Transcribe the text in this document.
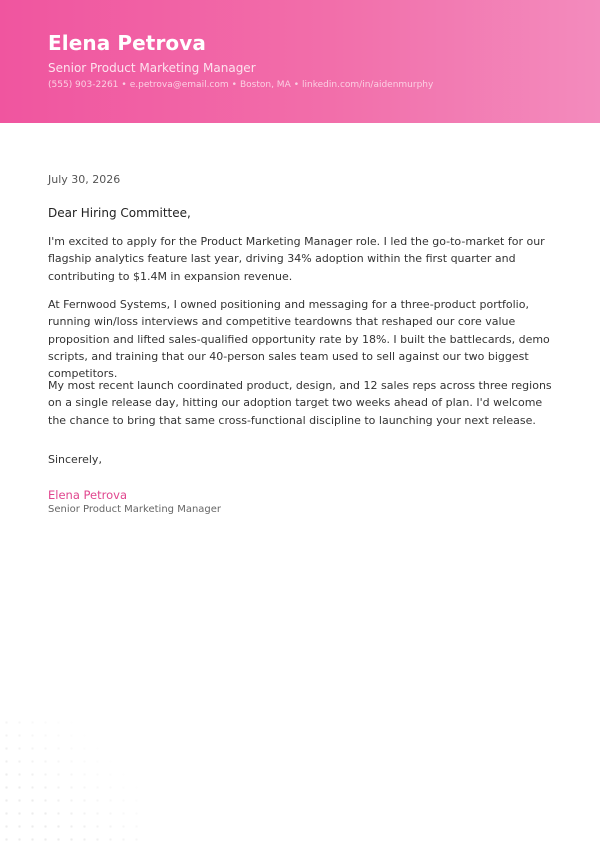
Elena Petrova
Senior Product Marketing Manager
(555) 903-2261 • e.petrova@email.com • Boston, MA • linkedin.com/in/aidenmurphy
July 30, 2026
Dear Hiring Committee,

I'm excited to apply for the Product Marketing Manager role. I led the go-to-market for our flagship analytics feature last year, driving 34% adoption within the first quarter and contributing to $1.4M in expansion revenue.

At Fernwood Systems, I owned positioning and messaging for a three-product portfolio, running win/loss interviews and competitive teardowns that reshaped our core value proposition and lifted sales-qualified opportunity rate by 18%. I built the battlecards, demo scripts, and training that our 40-person sales team used to sell against our two biggest competitors.

My most recent launch coordinated product, design, and 12 sales reps across three regions on a single release day, hitting our adoption target two weeks ahead of plan. I'd welcome the chance to bring that same cross-functional discipline to launching your next release.

Sincerely,
Elena Petrova
Senior Product Marketing Manager
